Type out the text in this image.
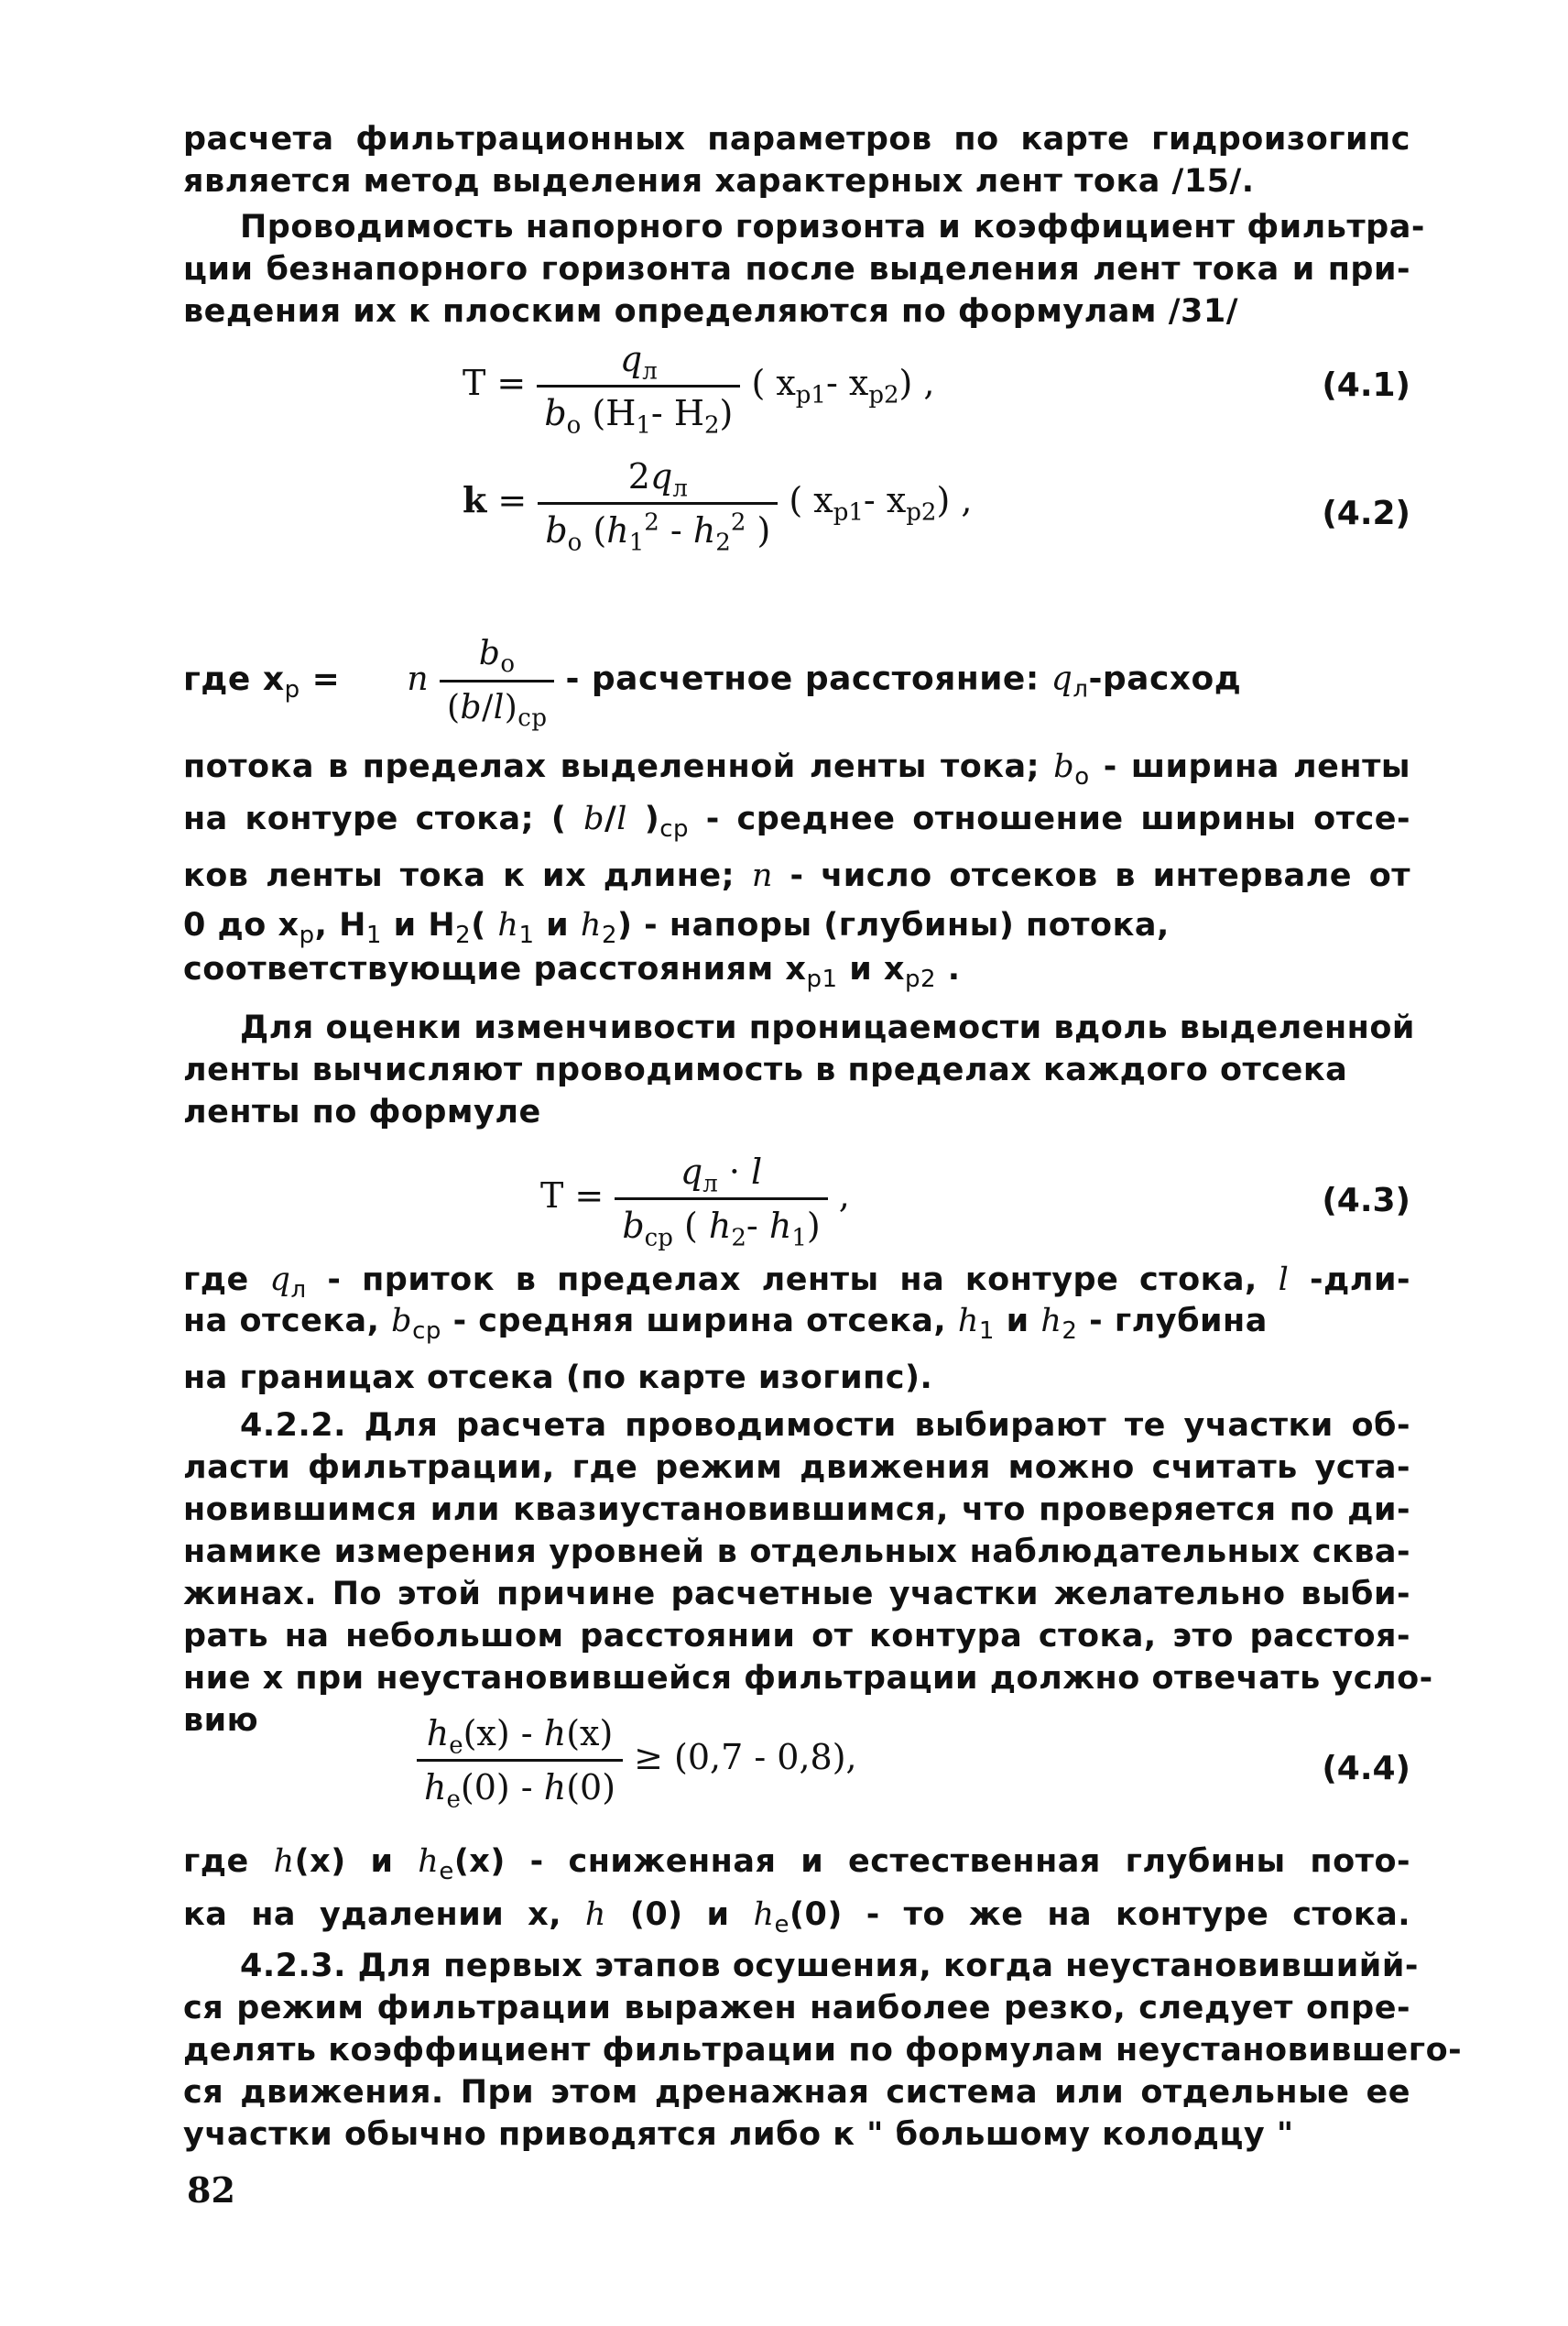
расчета фильтрационных параметров по карте гидроизогипс

является метод выделения характерных лент тока /15/.

Проводимость напорного горизонта и коэффициент фильтра-

ции безнапорного горизонта после выделения лент тока и при-

ведения их к плоским определяются по формулам /31/

$T = \frac{q_л}{b_o (H_1- H_2)}$ ( $x_{p1}-$ $x_{p2}$) ,	(4.1)
$k = \frac{2q_л}{b_o (h_1^2 - h_2^2 )}$ ( $x_{p1}-$ $x_{p2}$) ,	(4.2)
где $x_p = n \frac{b_o}{(b/l)_{ср}}$ - расчетное расстояние: $q_л$-расход
потока в пределах выделенной ленты тока; $b_o$ - ширина ленты
на контуре стока; ( b/l )$_{ср}$ - среднее отношение ширины отсе-
ков ленты тока к их длине; n - число отсеков в интервале от
0 до $x_p$, $H_1$ и $H_2$( $h_1$ и $h_2$) - напоры (глубины) потока,
соответствующие расстояниям $x_{p1}$ и $x_{p2}$ .

Для оценки изменчивости проницаемости вдоль выделенной

ленты вычисляют проводимость в пределах каждого отсека

ленты по формуле

$T = \frac{q_л \cdot l}{b_{ср} ( h_2- h_1)}$ ,	(4.3)
где $q_л$ - приток в пределах ленты на контуре стока, l -дли-
на отсека, $b_{ср}$ - средняя ширина отсека, $h_1$ и $h_2$ - глубина

на границах отсека (по карте изогипс).

4.2.2. Для расчета проводимости выбирают те участки об-

ласти фильтрации, где режим движения можно считать уста-

новившимся или квазиустановившимся, что проверяется по ди-

намике измерения уровней в отдельных наблюдательных сква-

жинах. По этой причине расчетные участки желательно выби-

рать на небольшом расстоянии от контура стока, это расстоя-

ние x при неустановившейся фильтрации должно отвечать усло-

вию	$\frac{h_e(x) - h(x)}{h_e(0) - h(0)} \ge (0,7 - 0,8)$,	(4.4)
где h(x) и $h_e(x)$ - сниженная и естественная глубины пото-
ка на удалении x, h (0) и $h_e(0)$ - то же на контуре стока.

4.2.3. Для первых этапов осушения, когда неустановившийй-

ся режим фильтрации выражен наиболее резко, следует опре-

делять коэффициент фильтрации по формулам неустановившего-

ся движения. При этом дренажная система или отдельные ее

участки обычно приводятся либо к " большому колодцу "

82
